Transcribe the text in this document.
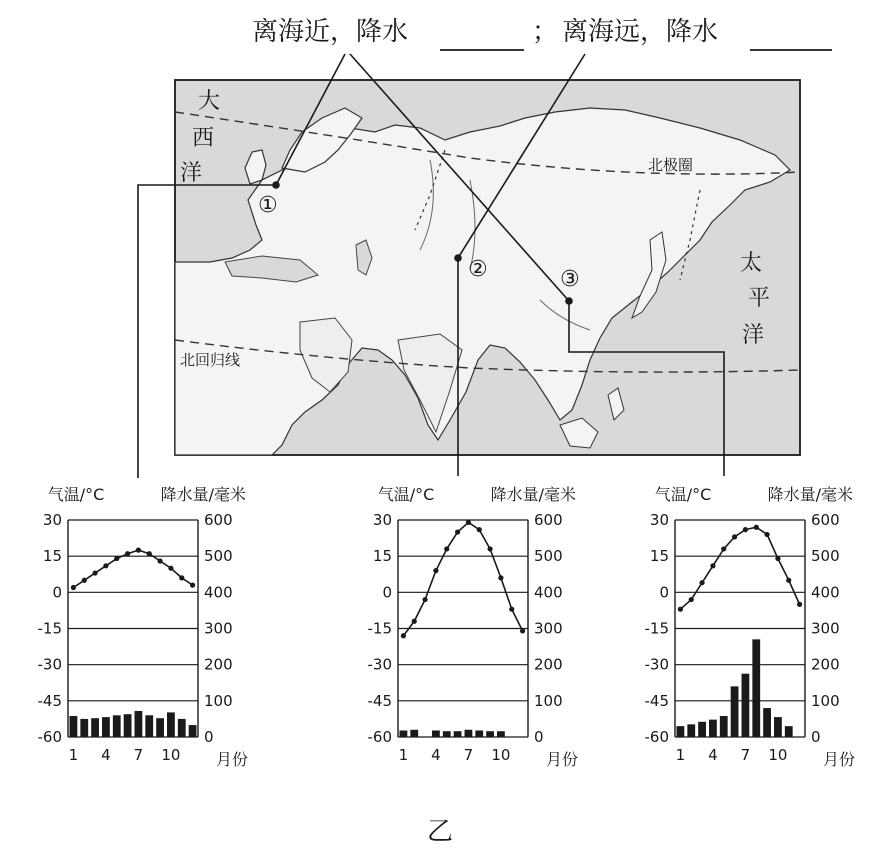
离海近，降水	； 离海远，降水
大
西
洋
太
平
洋
北极圈
北回归线
①
②	③
气温/°C	降水量/毫米
30	600
15	500
0	400
-15	300
-30	200
-45	100
-60	0
1 4 7 10 月份
气温/°C	降水量/毫米
30	600
15	500
0	400
-15	300
-30	200
-45	100
-60	0
1 4 7 10 月份
气温/°C	降水量/毫米
30	600
15	500
0	400
-15	300
-30	200
-45	100
-60	0
1 4 7 10 月份
乙
